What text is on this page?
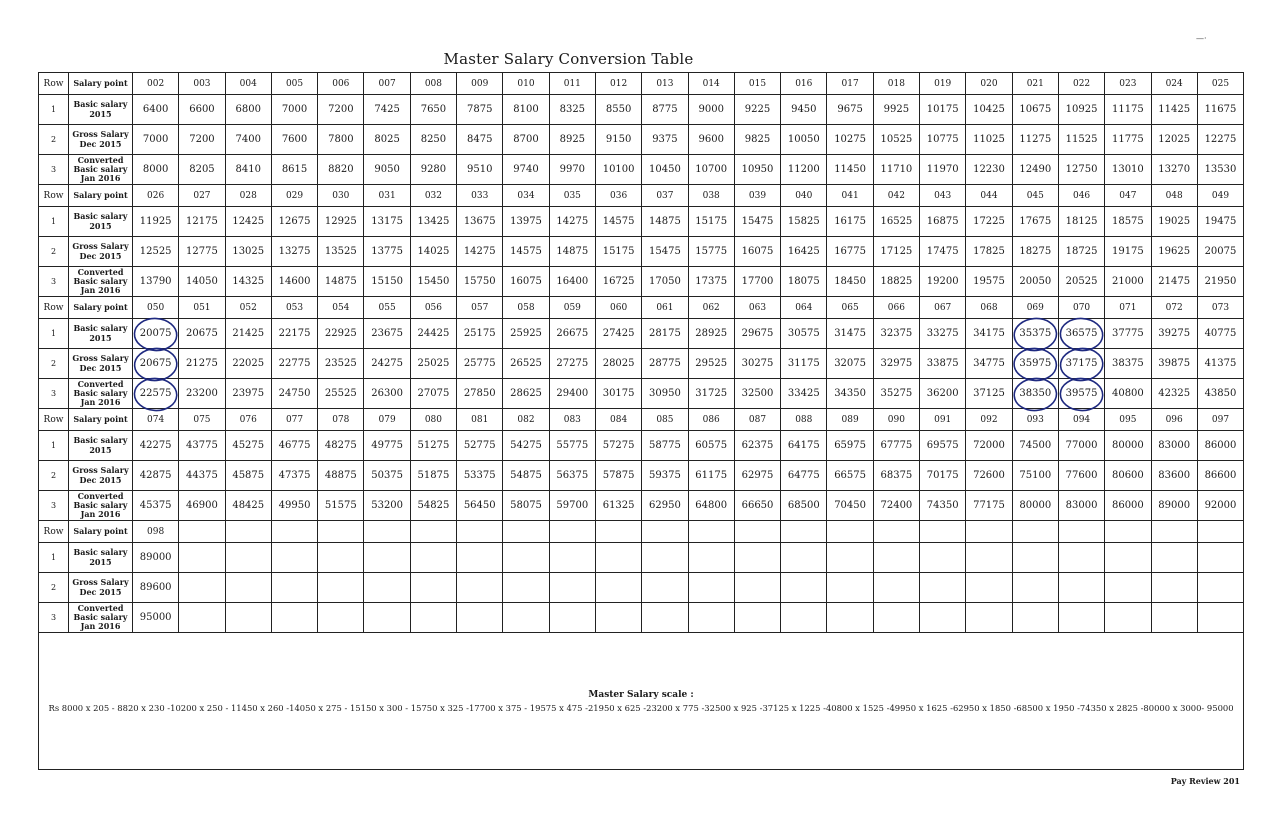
Master Salary Conversion Table
—·
Row	Salary point	002	003	004	005	006	007	008	009	010	011	012	013	014	015	016	017	018	019	020	021	022	023	024	025
1	Basic salary 2015	6400	6600	6800	7000	7200	7425	7650	7875	8100	8325	8550	8775	9000	9225	9450	9675	9925	10175	10425	10675	10925	11175	11425	11675
2	Gross Salary Dec 2015	7000	7200	7400	7600	7800	8025	8250	8475	8700	8925	9150	9375	9600	9825	10050	10275	10525	10775	11025	11275	11525	11775	12025	12275
3	Converted Basic salary Jan 2016	8000	8205	8410	8615	8820	9050	9280	9510	9740	9970	10100	10450	10700	10950	11200	11450	11710	11970	12230	12490	12750	13010	13270	13530
Row	Salary point	026	027	028	029	030	031	032	033	034	035	036	037	038	039	040	041	042	043	044	045	046	047	048	049
1	Basic salary 2015	11925	12175	12425	12675	12925	13175	13425	13675	13975	14275	14575	14875	15175	15475	15825	16175	16525	16875	17225	17675	18125	18575	19025	19475
2	Gross Salary Dec 2015	12525	12775	13025	13275	13525	13775	14025	14275	14575	14875	15175	15475	15775	16075	16425	16775	17125	17475	17825	18275	18725	19175	19625	20075
3	Converted Basic salary Jan 2016	13790	14050	14325	14600	14875	15150	15450	15750	16075	16400	16725	17050	17375	17700	18075	18450	18825	19200	19575	20050	20525	21000	21475	21950
Row	Salary point	050	051	052	053	054	055	056	057	058	059	060	061	062	063	064	065	066	067	068	069	070	071	072	073
1	Basic salary 2015	20075	20675	21425	22175	22925	23675	24425	25175	25925	26675	27425	28175	28925	29675	30575	31475	32375	33275	34175	35375	36575	37775	39275	40775
2	Gross Salary Dec 2015	20675	21275	22025	22775	23525	24275	25025	25775	26525	27275	28025	28775	29525	30275	31175	32075	32975	33875	34775	35975	37175	38375	39875	41375
3	Converted Basic salary Jan 2016	22575	23200	23975	24750	25525	26300	27075	27850	28625	29400	30175	30950	31725	32500	33425	34350	35275	36200	37125	38350	39575	40800	42325	43850
Row	Salary point	074	075	076	077	078	079	080	081	082	083	084	085	086	087	088	089	090	091	092	093	094	095	096	097
1	Basic salary 2015	42275	43775	45275	46775	48275	49775	51275	52775	54275	55775	57275	58775	60575	62375	64175	65975	67775	69575	72000	74500	77000	80000	83000	86000
2	Gross Salary Dec 2015	42875	44375	45875	47375	48875	50375	51875	53375	54875	56375	57875	59375	61175	62975	64775	66575	68375	70175	72600	75100	77600	80600	83600	86600
3	Converted Basic salary Jan 2016	45375	46900	48425	49950	51575	53200	54825	56450	58075	59700	61325	62950	64800	66650	68500	70450	72400	74350	77175	80000	83000	86000	89000	92000
Row	Salary point	098																							
1	Basic salary 2015	89000																							
2	Gross Salary Dec 2015	89600																							
3	Converted Basic salary Jan 2016	95000																							

Master Salary scale :
Rs 8000 x 205 - 8820 x 230 -10200 x 250 - 11450 x 260 -14050 x 275 - 15150 x 300 - 15750 x 325 -17700 x 375 - 19575 x 475 -21950 x 625 -23200 x 775 -32500 x 925 -37125 x 1225 -40800 x 1525 -49950 x 1625 -62950 x 1850 -68500 x 1950 -74350 x 2825 -80000 x 3000- 95000																									
Pay Review 201
